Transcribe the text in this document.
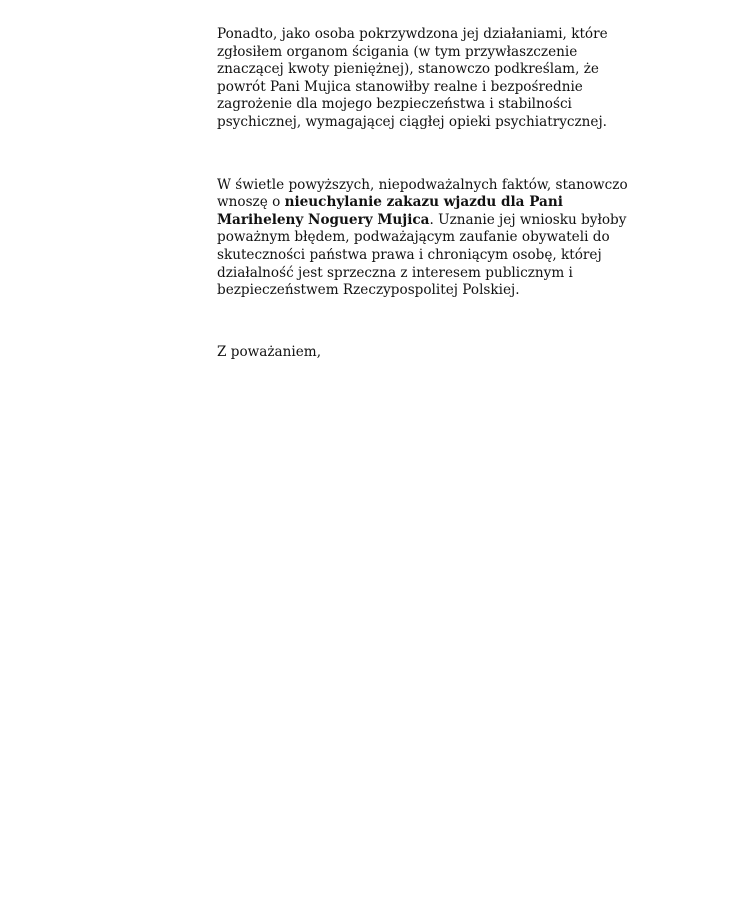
Ponadto, jako osoba pokrzywdzona jej działaniami, które zgłosiłem organom ścigania (w tym przywłaszczenie znaczącej kwoty pieniężnej), stanowczo podkreślam, że powrót Pani Mujica stanowiłby realne i bezpośrednie zagrożenie dla mojego bezpieczeństwa i stabilności psychicznej, wymagającej ciągłej opieki psychiatrycznej.

W świetle powyższych, niepodważalnych faktów, stanowczo wnoszę o nieuchylanie zakazu wjazdu dla Pani Mariheleny Noguery Mujica. Uznanie jej wniosku byłoby poważnym błędem, podważającym zaufanie obywateli do skuteczności państwa prawa i chroniącym osobę, której działalność jest sprzeczna z interesem publicznym i bezpieczeństwem Rzeczypospolitej Polskiej.

Z poważaniem,
